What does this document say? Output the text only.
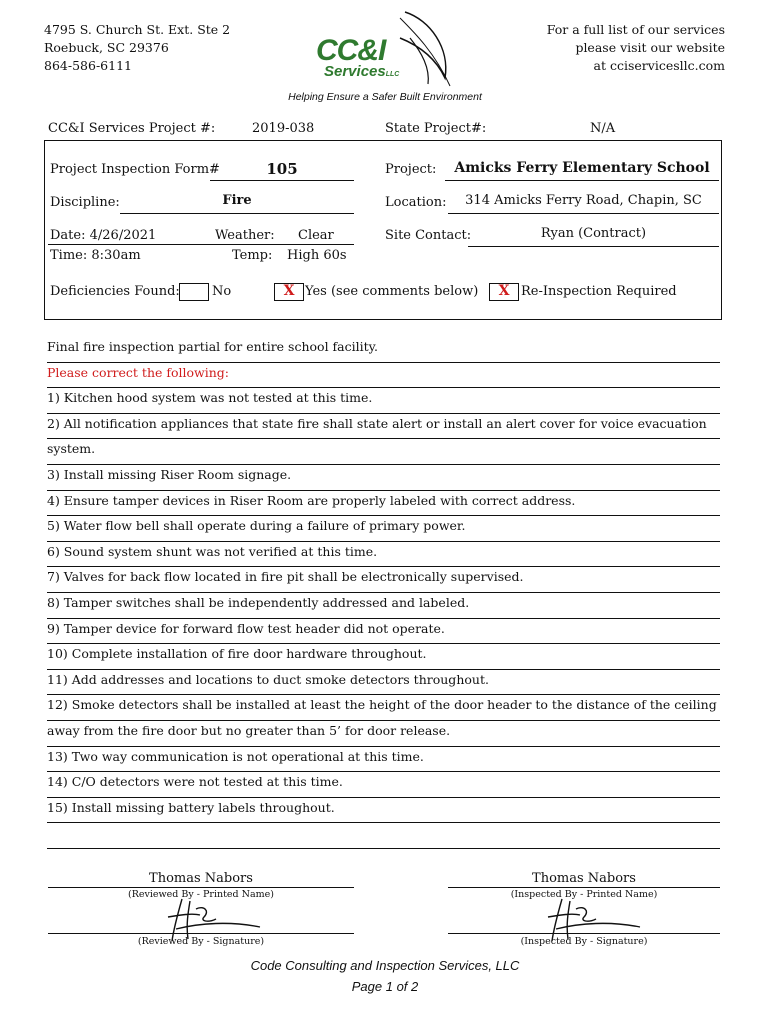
4795 S. Church St. Ext. Ste 2
Roebuck, SC 29376
864-586-6111	CC&I
ServicesLLC
For a full list of our services
please visit our website
at cciservicesllc.com
Helping Ensure a Safer Built Environment
CC&I Services Project #:	2019-038	State Project#:	N/A
Project Inspection Form#	105	Project:	Amicks Ferry Elementary School
Discipline:	Fire	Location:	314 Amicks Ferry Road, Chapin, SC
Date: 4/26/2021	Weather: Clear	Site Contact:	Ryan (Contract)
Time: 8:30am	Temp: High 60s
Deficiencies Found: No	X Yes (see comments below)	X Re-Inspection Required
Final fire inspection partial for entire school facility.
Please correct the following:
1) Kitchen hood system was not tested at this time.
2) All notification appliances that state fire shall state alert or install an alert cover for voice evacuation
system.
3) Install missing Riser Room signage.
4) Ensure tamper devices in Riser Room are properly labeled with correct address.
5) Water flow bell shall operate during a failure of primary power.
6) Sound system shunt was not verified at this time.
7) Valves for back flow located in fire pit shall be electronically supervised.
8) Tamper switches shall be independently addressed and labeled.
9) Tamper device for forward flow test header did not operate.
10) Complete installation of fire door hardware throughout.
11) Add addresses and locations to duct smoke detectors throughout.
12) Smoke detectors shall be installed at least the height of the door header to the distance of the ceiling
away from the fire door but no greater than 5’ for door release.
13) Two way communication is not operational at this time.
14) C/O detectors were not tested at this time.
15) Install missing battery labels throughout.
Thomas Nabors
(Reviewed By - Printed Name)
(Reviewed By - Signature)
Thomas Nabors
(Inspected By - Printed Name)
(Inspected By - Signature)
Code Consulting and Inspection Services, LLC
Page 1 of 2
